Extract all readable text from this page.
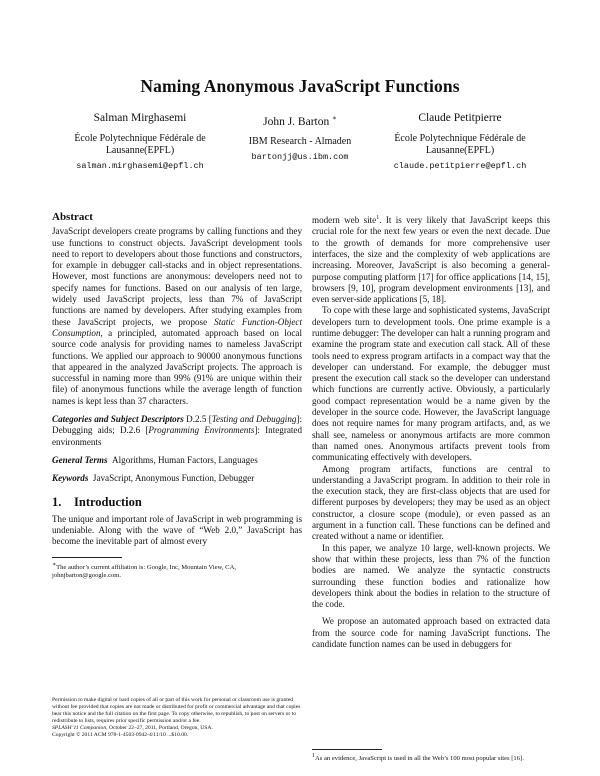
Naming Anonymous JavaScript Functions
Salman Mirghasemi
École Polytechnique Fédérale de
Lausanne(EPFL)
salman.mirghasemi@epfl.ch
John J. Barton ∗
IBM Research - Almaden
bartonjj@us.ibm.com
Claude Petitpierre
École Polytechnique Fédérale de
Lausanne(EPFL)
claude.petitpierre@epfl.ch
Abstract

JavaScript developers create programs by calling functions and they use functions to construct objects. JavaScript development tools need to report to developers about those functions and constructors, for example in debugger call-stacks and in object representations. However, most functions are anonymous: developers need not to specify names for functions. Based on our analysis of ten large, widely used JavaScript projects, less than 7% of JavaScript functions are named by developers. After studying examples from these JavaScript projects, we propose Static Function-Object Consumption, a principled, automated approach based on local source code analysis for providing names to nameless JavaScript functions. We applied our approach to 90000 anonymous functions that appeared in the analyzed JavaScript projects. The approach is successful in naming more than 99% (91% are unique within their file) of anonymous functions while the average length of function names is kept less than 37 characters.

Categories and Subject Descriptors D.2.5 [Testing and Debugging]: Debugging aids; D.2.6 [Programming Environments]: Integrated environments

General Terms Algorithms, Human Factors, Languages

Keywords JavaScript, Anonymous Function, Debugger

1. Introduction

The unique and important role of JavaScript in web programming is undeniable. Along with the wave of “Web 2.0,” JavaScript has become the inevitable part of almost every

∗The author’s current affiliation is: Google, Inc, Mountain View, CA, johnjbarton@google.com.

Permission to make digital or hard copies of all or part of this work for personal or classroom use is granted without fee provided that copies are not made or distributed for profit or commercial advantage and that copies bear this notice and the full citation on the first page. To copy otherwise, to republish, to post on servers or to redistribute to lists, requires prior specific permission and/or a fee.
SPLASH’11 Companion, October 22–27, 2011, Portland, Oregon, USA.
Copyright © 2011 ACM 978-1-4503-0942-4/11/10 ...$10.00.

modern web site$^1$. It is very likely that JavaScript keeps this crucial role for the next few years or even the next decade. Due to the growth of demands for more comprehensive user interfaces, the size and the complexity of web applications are increasing. Moreover, JavaScript is also becoming a general-purpose computing platform [17] for office applications [14, 15], browsers [9, 10], program development environments [13], and even server-side applications [5, 18].

To cope with these large and sophisticated systems, JavaScript developers turn to development tools. One prime example is a runtime debugger: The developer can halt a running program and examine the program state and execution call stack. All of these tools need to express program artifacts in a compact way that the developer can understand. For example, the debugger must present the execution call stack so the developer can understand which functions are currently active. Obviously, a particularly good compact representation would be a name given by the developer in the source code. However, the JavaScript language does not require names for many program artifacts, and, as we shall see, nameless or anonymous artifacts are more common than named ones. Anonymous artifacts prevent tools from communicating effectively with developers.

Among program artifacts, functions are central to understanding a JavaScript program. In addition to their role in the execution stack, they are first-class objects that are used for different purposes by developers; they may be used as an object constructor, a closure scope (module), or even passed as an argument in a function call. These functions can be defined and created without a name or identifier.

In this paper, we analyze 10 large, well-known projects. We show that within these projects, less than 7% of the function bodies are named. We analyze the syntactic constructs surrounding these function bodies and rationalize how developers think about the bodies in relation to the structure of the code.

We propose an automated approach based on extracted data from the source code for naming JavaScript functions. The candidate function names can be used in debuggers for

1As an evidence, JavaScript is used in all the Web’s 100 most popular sites [16].
